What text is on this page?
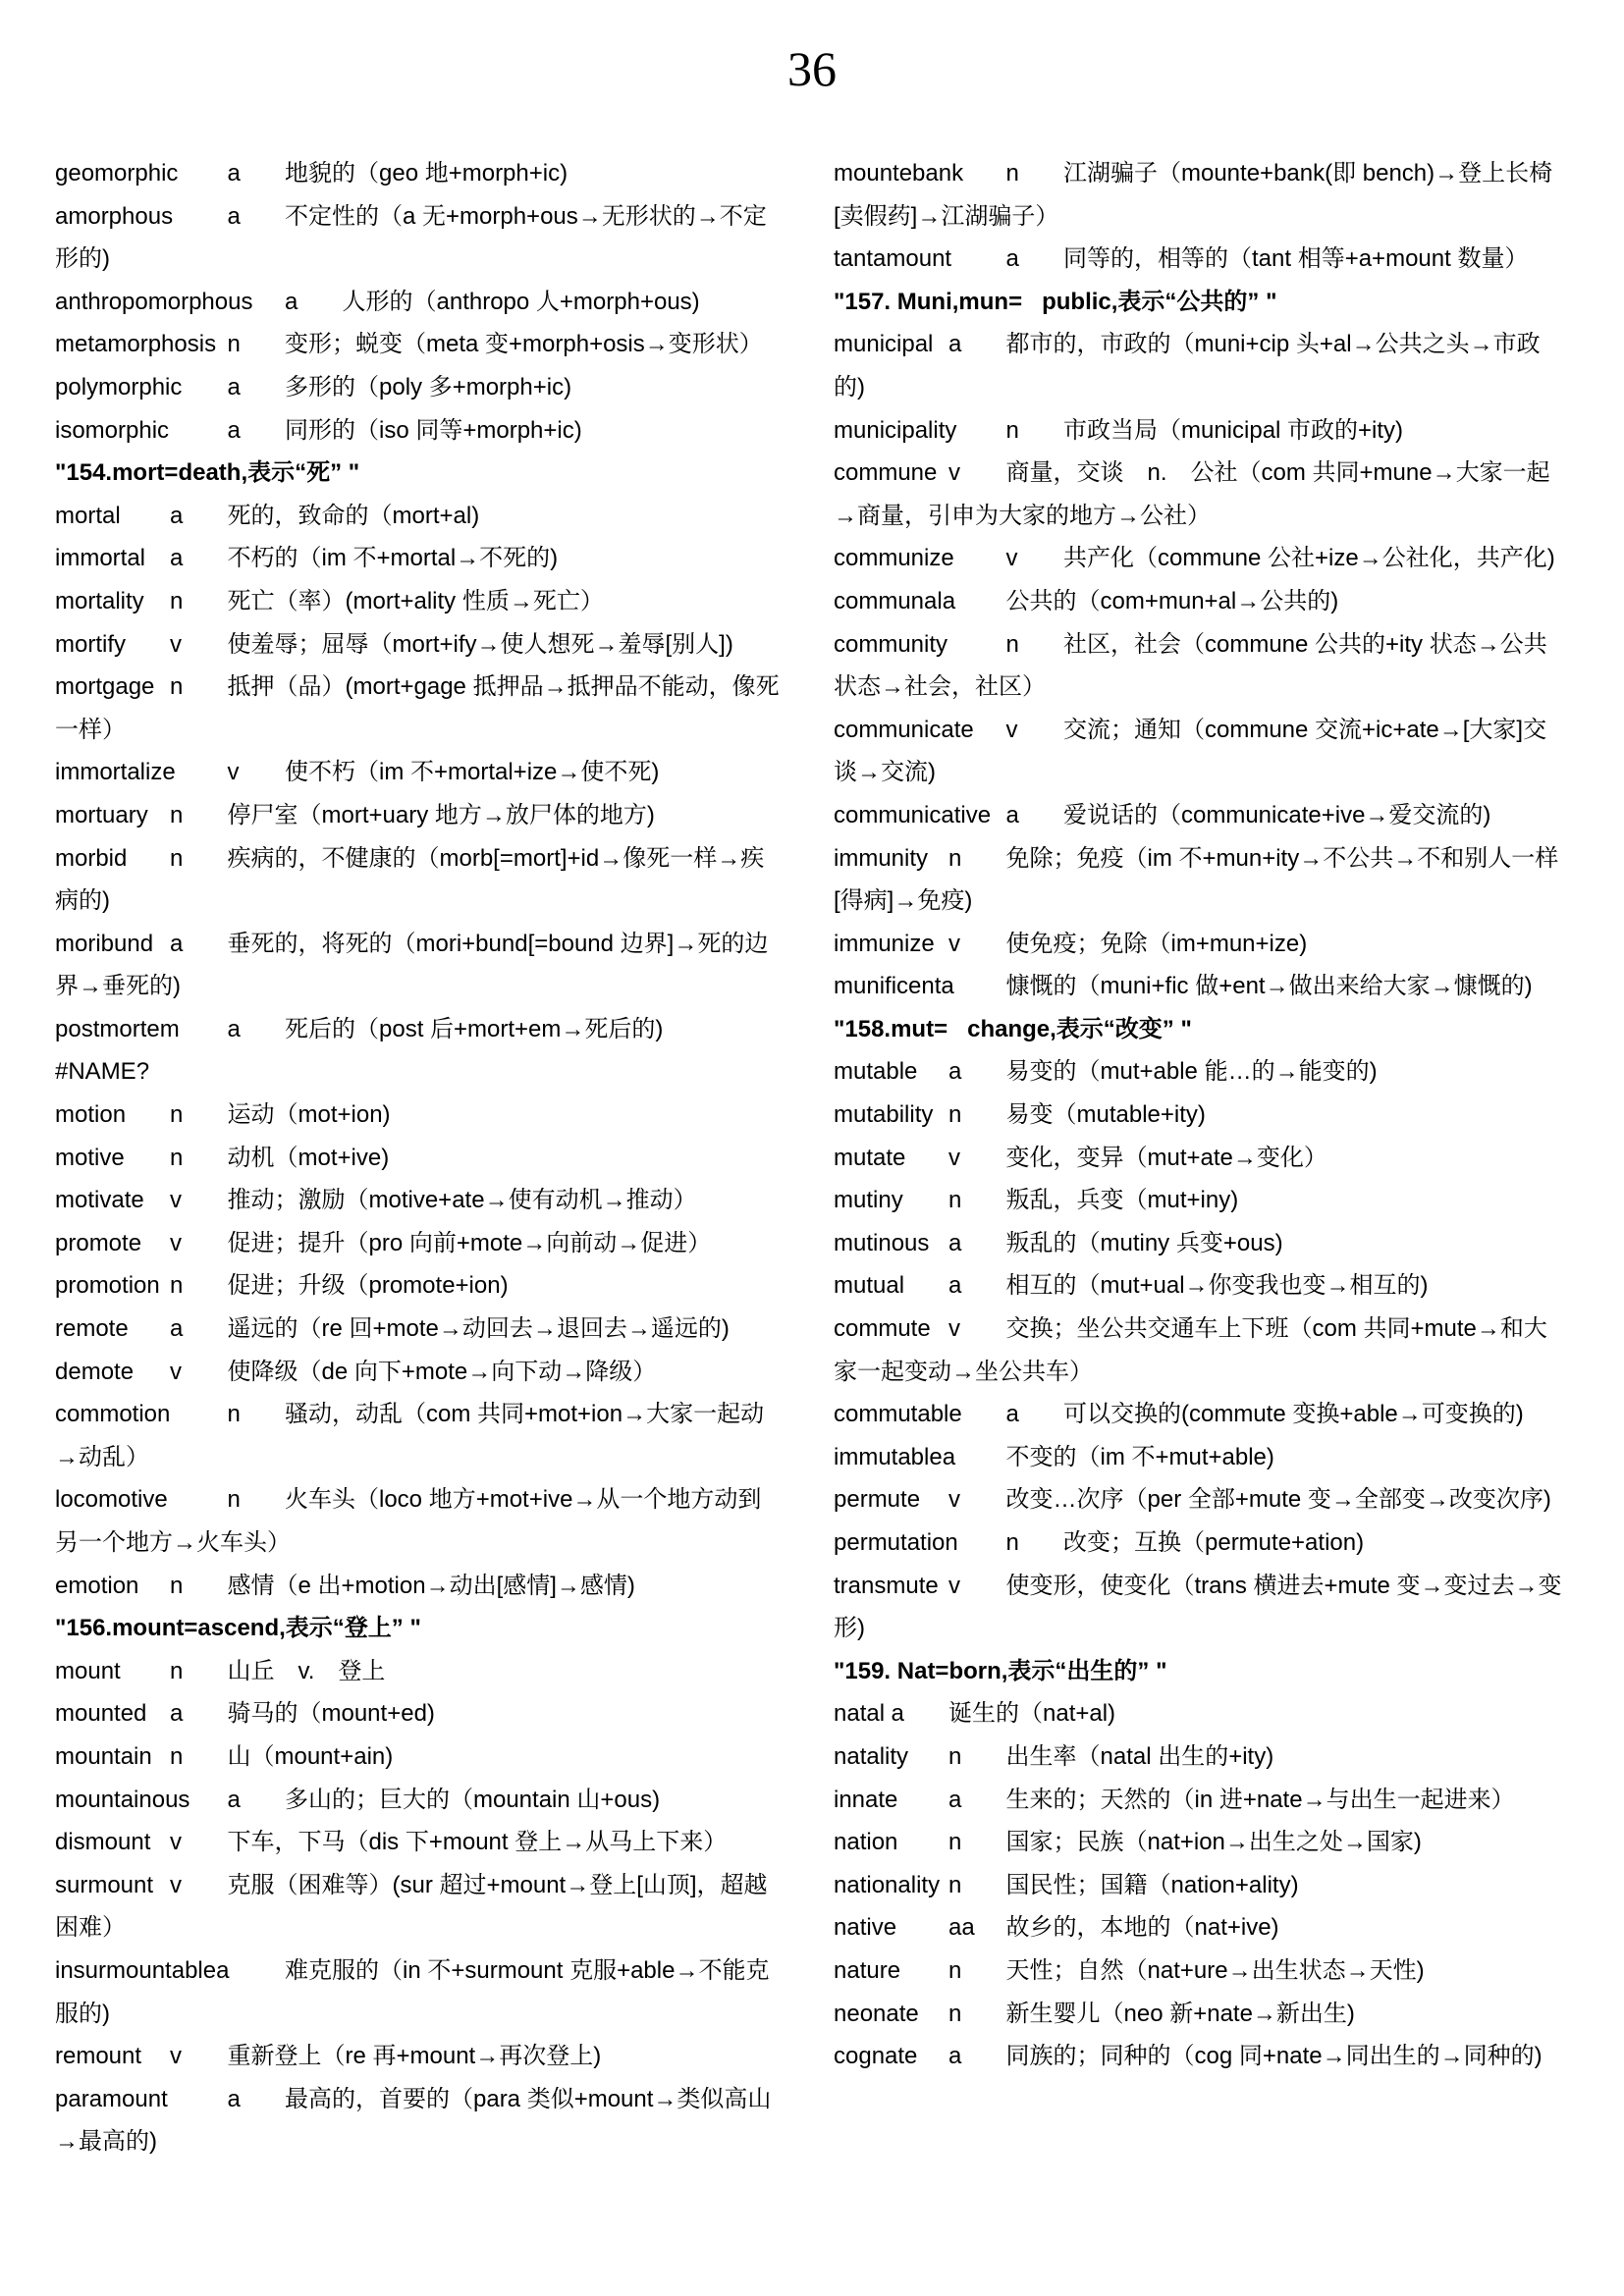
36
geomorphic	a	地貌的（geo 地+morph+ic)
amorphous	a	不定性的（a 无+morph+ous→无形状的→不定形的)
anthropomorphous	a	人形的（anthropo 人+morph+ous)
metamorphosis	n	变形；蜕变（meta 变+morph+osis→变形状）
polymorphic	a	多形的（poly 多+morph+ic)
isomorphic	a	同形的（iso 同等+morph+ic)
"154.mort=death,表示“死” "
mortal	a	死的，致命的（mort+al)
immortal	a	不朽的（im 不+mortal→不死的)
mortality	n	死亡（率）(mort+ality 性质→死亡）
mortify	v	使羞辱；屈辱（mort+ify→使人想死→羞辱[别人])
mortgage	n	抵押（品）(mort+gage 抵押品→抵押品不能动，像死一样）
immortalize	v	使不朽（im 不+mortal+ize→使不死)
mortuary	n	停尸室（mort+uary 地方→放尸体的地方)
morbid	n	疾病的，不健康的（morb[=mort]+id→像死一样→疾病的)
moribund	a	垂死的，将死的（mori+bund[=bound 边界]→死的边界→垂死的)
postmortem	a	死后的（post 后+mort+em→死后的)
#NAME?
motion	n	运动（mot+ion)
motive	n	动机（mot+ive)
motivate	v	推动；激励（motive+ate→使有动机→推动）
promote	v	促进；提升（pro 向前+mote→向前动→促进）
promotion	n	促进；升级（promote+ion)
remote	a	遥远的（re 回+mote→动回去→退回去→遥远的)
demote	v	使降级（de 向下+mote→向下动→降级）
commotion	n	骚动，动乱（com 共同+mot+ion→大家一起动→动乱）
locomotive		n	火车头（loco 地方+mot+ive→从一个地方动到另一个地方→火车头）
emotion	n	感情（e 出+motion→动出[感情]→感情)
"156.mount=ascend,表示“登上” "
mount	n	山丘　v.　登上
mounted	a	骑马的（mount+ed)
mountain	n	山（mount+ain)
mountainous	a	多山的；巨大的（mountain 山+ous)
dismount	v	下车，下马（dis 下+mount 登上→从马上下来）
surmount	v	克服（困难等）(sur 超过+mount→登上[山顶]，超越困难）
insurmountablea	难克服的（in 不+surmount 克服+able→不能克服的)
remount	v	重新登上（re 再+mount→再次登上)
paramount		a	最高的，首要的（para 类似+mount→类似高山→最高的)
mountebank	n	江湖骗子（mounte+bank(即 bench)→登上长椅[卖假药]→江湖骗子）
tantamount	a	同等的，相等的（tant 相等+a+mount 数量）
"157. Muni,mun=   public,表示“公共的” "
municipal	a	都市的，市政的（muni+cip 头+al→公共之头→市政的)
municipality	n	市政当局（municipal 市政的+ity)
commune	v	商量，交谈　n.　公社（com 共同+mune→大家一起→商量，引申为大家的地方→公社）
communize	v	共产化（commune 公社+ize→公社化，共产化)
communala	公共的（com+mun+al→公共的)
community	n	社区，社会（commune 公共的+ity 状态→公共状态→社会，社区）
communicate	v	交流；通知（commune 交流+ic+ate→[大家]交谈→交流)
communicative	a	爱说话的（communicate+ive→爱交流的)
immunity	n	免除；免疫（im 不+mun+ity→不公共→不和别人一样[得病]→免疫)
immunize	v	使免疫；免除（im+mun+ize)
munificenta	慷慨的（muni+fic 做+ent→做出来给大家→慷慨的)
"158.mut=   change,表示“改变” "
mutable	a	易变的（mut+able 能…的→能变的)
mutability	n	易变（mutable+ity)
mutate	v	变化，变异（mut+ate→变化）
mutiny	n	叛乱，兵变（mut+iny)
mutinous	a	叛乱的（mutiny 兵变+ous)
mutual	a	相互的（mut+ual→你变我也变→相互的)
commute	v	交换；坐公共交通车上下班（com 共同+mute→和大家一起变动→坐公共车）
commutable	a	可以交换的(commute 变换+able→可变换的)
immutablea	不变的（im 不+mut+able)
permute	v	改变…次序（per 全部+mute 变→全部变→改变次序)
permutation	n	改变；互换（permute+ation)
transmute	v	使变形，使变化（trans 横进去+mute 变→变过去→变形)
"159. Nat=born,表示“出生的” "
natal	a	诞生的（nat+al)
natality	n	出生率（natal 出生的+ity)
innate	a	生来的；天然的（in 进+nate→与出生一起进来）
nation	n	国家；民族（nat+ion→出生之处→国家)
nationality	n	国民性；国籍（nation+ality)
native	aa	故乡的，本地的（nat+ive)
nature	n	天性；自然（nat+ure→出生状态→天性)
neonate	n	新生婴儿（neo 新+nate→新出生)
cognate	a	同族的；同种的（cog 同+nate→同出生的→同种的)
